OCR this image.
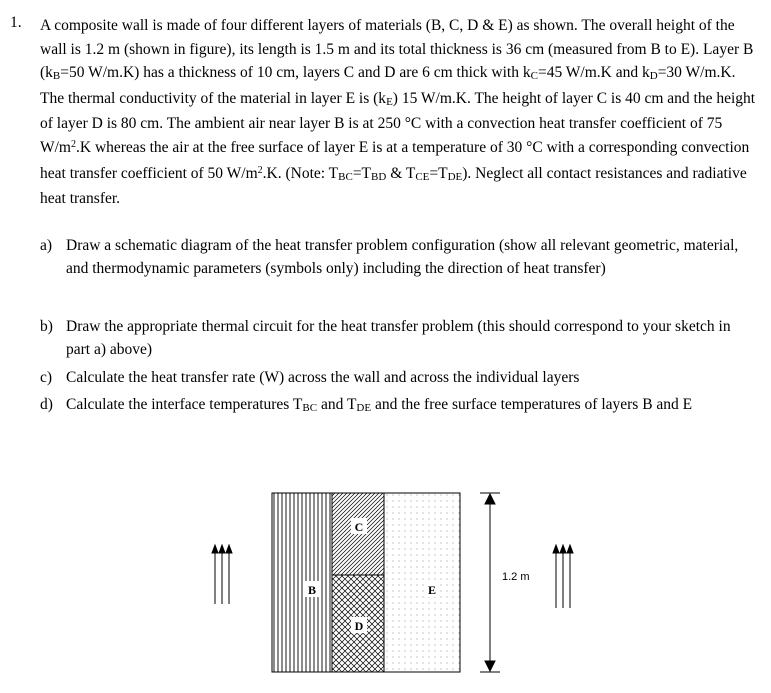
1. A composite wall is made of four different layers of materials (B, C, D & E) as shown. The overall height of the wall is 1.2 m (shown in figure), its length is 1.5 m and its total thickness is 36 cm (measured from B to E). Layer B (kB=50 W/m.K) has a thickness of 10 cm, layers C and D are 6 cm thick with kC=45 W/m.K and kD=30 W/m.K. The thermal conductivity of the material in layer E is (kE) 15 W/m.K. The height of layer C is 40 cm and the height of layer D is 80 cm. The ambient air near layer B is at 250 °C with a convection heat transfer coefficient of 75 $W/m^2.K$ whereas the air at the free surface of layer E is at a temperature of 30 °C with a corresponding convection heat transfer coefficient of 50 $W/m^2.K$. (Note: TBC=TBD & TCE=TDE). Neglect all contact resistances and radiative heat transfer.

a) Draw a schematic diagram of the heat transfer problem configuration (show all relevant geometric, material, and thermodynamic parameters (symbols only) including the direction of heat transfer)
b) Draw the appropriate thermal circuit for the heat transfer problem (this should correspond to your sketch in part a) above)
c) Calculate the heat transfer rate (W) across the wall and across the individual layers
d) Calculate the interface temperatures TBC and TDE and the free surface temperatures of layers B and E
B
C
D
E
1.2 m
